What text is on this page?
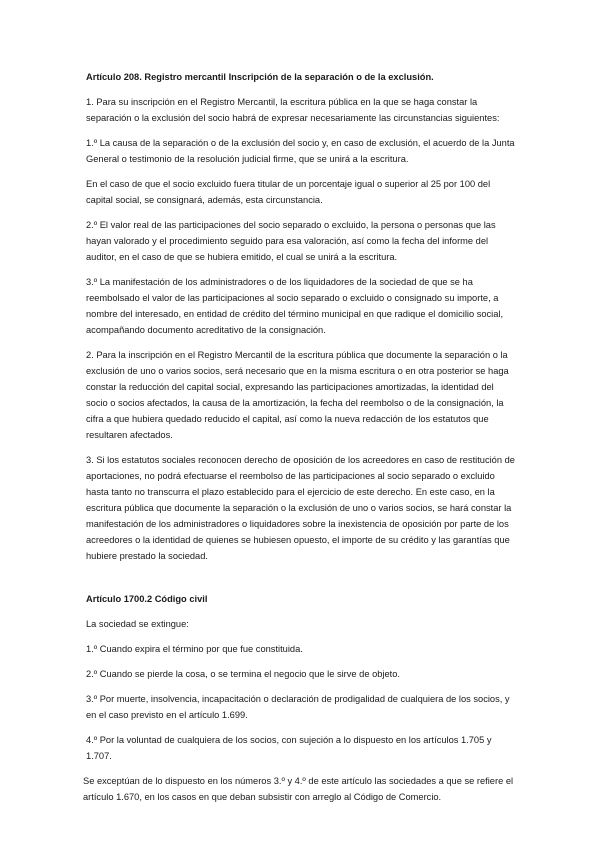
Artículo 208. Registro mercantil Inscripción de la separación o de la exclusión.

1. Para su inscripción en el Registro Mercantil, la escritura pública en la que se haga constar la separación o la exclusión del socio habrá de expresar necesariamente las circunstancias siguientes:

1.º La causa de la separación o de la exclusión del socio y, en caso de exclusión, el acuerdo de la Junta General o testimonio de la resolución judicial firme, que se unirá a la escritura.

En el caso de que el socio excluido fuera titular de un porcentaje igual o superior al 25 por 100 del capital social, se consignará, además, esta circunstancia.

2.º El valor real de las participaciones del socio separado o excluido, la persona o personas que las hayan valorado y el procedimiento seguido para esa valoración, así como la fecha del informe del auditor, en el caso de que se hubiera emitido, el cual se unirá a la escritura.

3.º La manifestación de los administradores o de los liquidadores de la sociedad de que se ha reembolsado el valor de las participaciones al socio separado o excluido o consignado su importe, a nombre del interesado, en entidad de crédito del término municipal en que radique el domicilio social, acompañando documento acreditativo de la consignación.

2. Para la inscripción en el Registro Mercantil de la escritura pública que documente la separación o la exclusión de uno o varios socios, será necesario que en la misma escritura o en otra posterior se haga constar la reducción del capital social, expresando las participaciones amortizadas, la identidad del socio o socios afectados, la causa de la amortización, la fecha del reembolso o de la consignación, la cifra a que hubiera quedado reducido el capital, así como la nueva redacción de los estatutos que resultaren afectados.

3. Si los estatutos sociales reconocen derecho de oposición de los acreedores en caso de restitución de aportaciones, no podrá efectuarse el reembolso de las participaciones al socio separado o excluido hasta tanto no transcurra el plazo establecido para el ejercicio de este derecho. En este caso, en la escritura pública que documente la separación o la exclusión de uno o varios socios, se hará constar la manifestación de los administradores o liquidadores sobre la inexistencia de oposición por parte de los acreedores o la identidad de quienes se hubiesen opuesto, el importe de su crédito y las garantías que hubiere prestado la sociedad.

Artículo 1700.2 Código civil

La sociedad se extingue:

1.º Cuando expira el término por que fue constituida.

2.º Cuando se pierde la cosa, o se termina el negocio que le sirve de objeto.

3.º Por muerte, insolvencia, incapacitación o declaración de prodigalidad de cualquiera de los socios, y en el caso previsto en el artículo 1.699.

4.º Por la voluntad de cualquiera de los socios, con sujeción a lo dispuesto en los artículos 1.705 y 1.707.

Se exceptúan de lo dispuesto en los números 3.º y 4.º de este artículo las sociedades a que se refiere el artículo 1.670, en los casos en que deban subsistir con arreglo al Código de Comercio.
